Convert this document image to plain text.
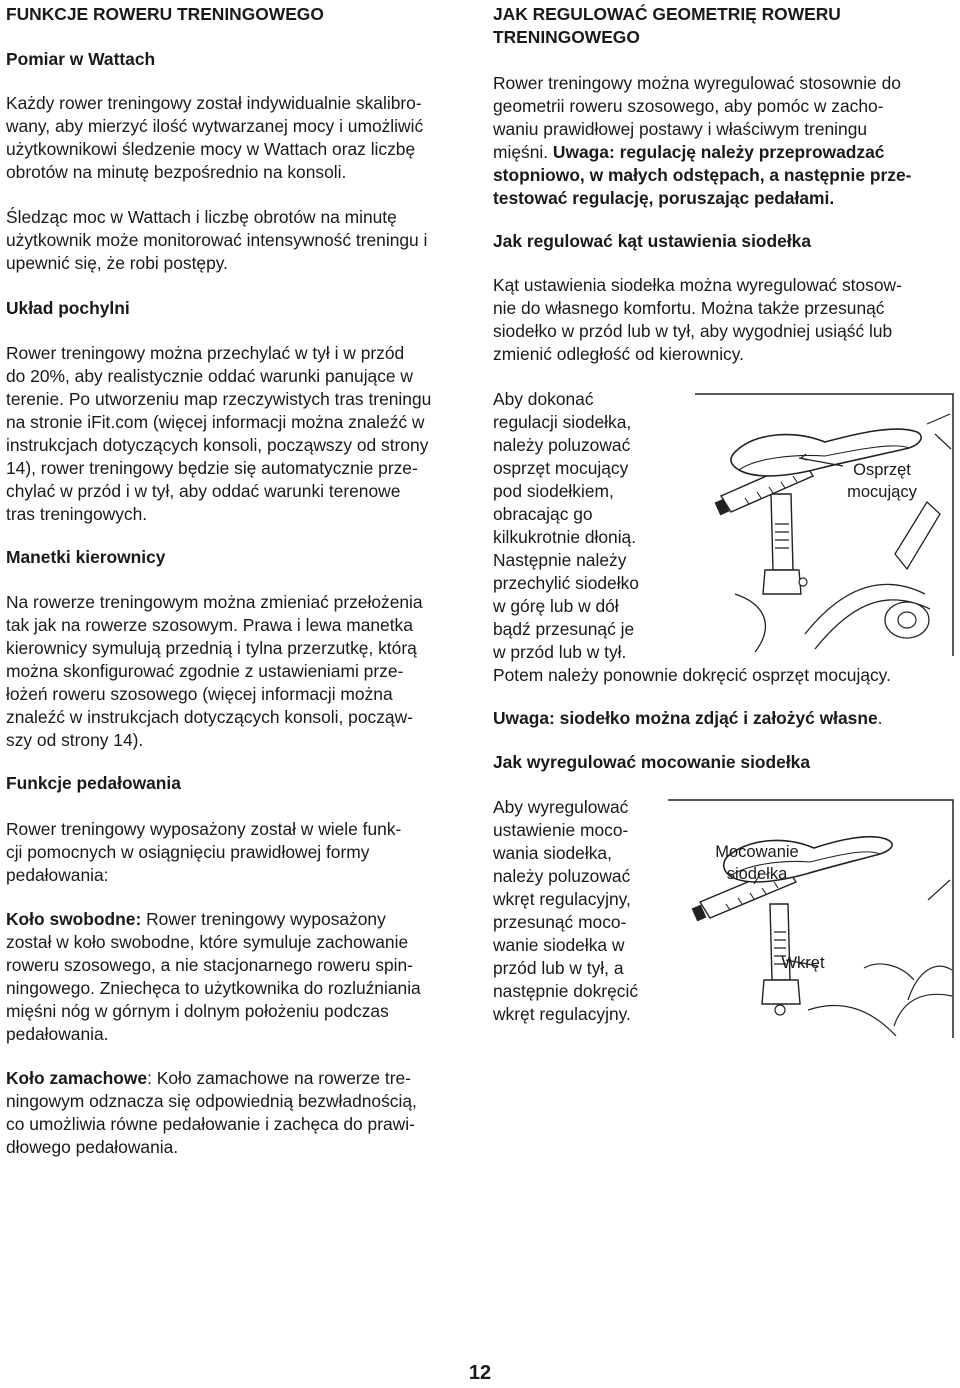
FUNKCJE ROWERU TRENINGOWEGO
Pomiar w Wattach
Każdy rower treningowy został indywidualnie skalibro-
wany, aby mierzyć ilość wytwarzanej mocy i umożliwić
użytkownikowi śledzenie mocy w Wattach oraz liczbę
obrotów na minutę bezpośrednio na konsoli.
Śledząc moc w Wattach i liczbę obrotów na minutę
użytkownik może monitorować intensywność treningu i
upewnić się, że robi postępy.
Układ pochylni
Rower treningowy można przechylać w tył i w przód
do 20%, aby realistycznie oddać warunki panujące w
terenie. Po utworzeniu map rzeczywistych tras treningu
na stronie iFit.com (więcej informacji można znaleźć w
instrukcjach dotyczących konsoli, począwszy od strony
14), rower treningowy będzie się automatycznie prze-
chylać w przód i w tył, aby oddać warunki terenowe
tras treningowych.
Manetki kierownicy
Na rowerze treningowym można zmieniać przełożenia
tak jak na rowerze szosowym. Prawa i lewa manetka
kierownicy symulują przednią i tylna przerzutkę, którą
można skonfigurować zgodnie z ustawieniami prze-
łożeń roweru szosowego (więcej informacji można
znaleźć w instrukcjach dotyczących konsoli, począw-
szy od strony 14).
Funkcje pedałowania
Rower treningowy wyposażony został w wiele funk-
cji pomocnych w osiągnięciu prawidłowej formy
pedałowania:
Koło swobodne: Rower treningowy wyposażony
został w koło swobodne, które symuluje zachowanie
roweru szosowego, a nie stacjonarnego roweru spin-
ningowego. Zniechęca to użytkownika do rozluźniania
mięśni nóg w górnym i dolnym położeniu podczas
pedałowania.
Koło zamachowe: Koło zamachowe na rowerze tre-
ningowym odznacza się odpowiednią bezwładnością,
co umożliwia równe pedałowanie i zachęca do prawi-
dłowego pedałowania.
JAK REGULOWAĆ GEOMETRIĘ ROWERU
TRENINGOWEGO
Rower treningowy można wyregulować stosownie do
geometrii roweru szosowego, aby pomóc w zacho-
waniu prawidłowej postawy i właściwym treningu
mięśni. Uwaga: regulację należy przeprowadzać
stopniowo, w małych odstępach, a następnie prze-
testować regulację, poruszając pedałami.
Jak regulować kąt ustawienia siodełka
Kąt ustawienia siodełka można wyregulować stosow-
nie do własnego komfortu. Można także przesunąć
siodełko w przód lub w tył, aby wygodniej usiąść lub
zmienić odległość od kierownicy.
Aby dokonać
regulacji siodełka,
należy poluzować
osprzęt mocujący
pod siodełkiem,
obracając go
kilkukrotnie dłonią.
Następnie należy
przechylić siodełko
w górę lub w dół
bądź przesunąć je
w przód lub w tył.
Potem należy ponownie dokręcić osprzęt mocujący.
Osprzęt
mocujący
Uwaga: siodełko można zdjąć i założyć własne.
Jak wyregulować mocowanie siodełka
Aby wyregulować
ustawienie moco-
wania siodełka,
należy poluzować
wkręt regulacyjny,
przesunąć moco-
wanie siodełka w
przód lub w tył, a
następnie dokręcić
wkręt regulacyjny.
Mocowanie
siodełka
Wkręt
12
